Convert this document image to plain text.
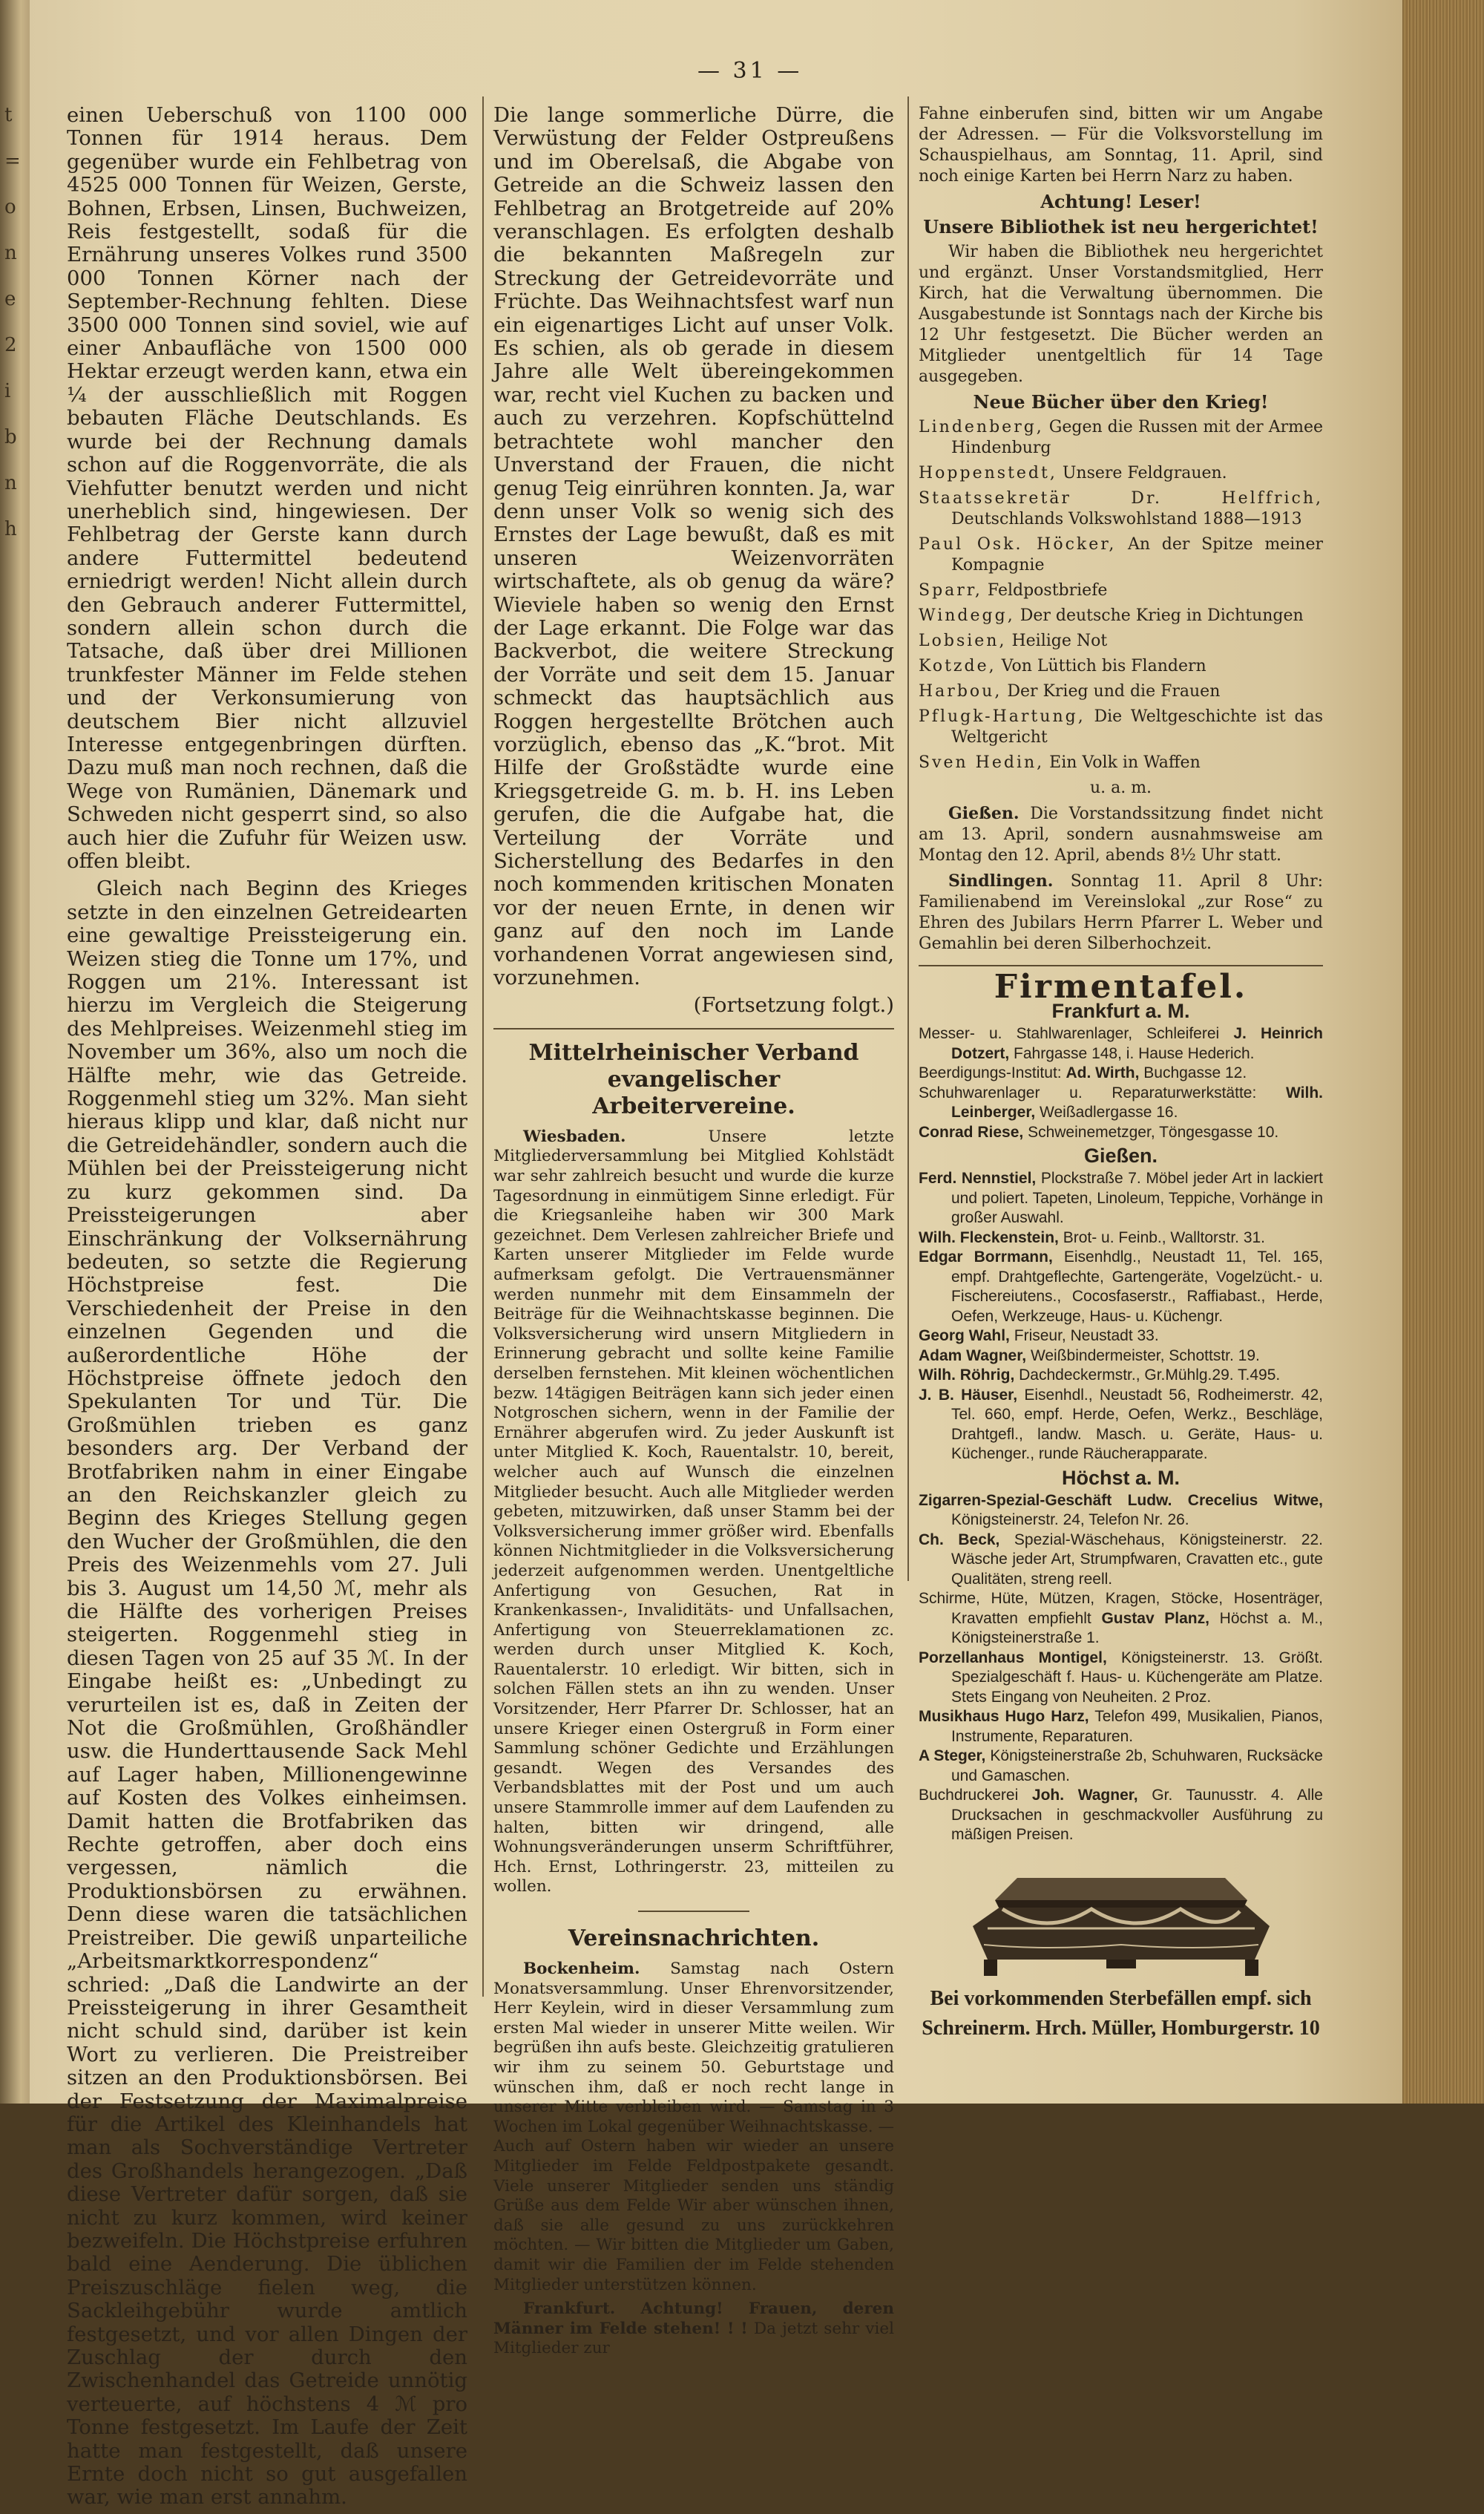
t
=
o
n
e
2
i
b
n
h
— 31 —

einen Ueberschuß von 1100 000 Tonnen für 1914 heraus. Dem gegenüber wurde ein Fehlbetrag von 4525 000 Tonnen für Weizen, Gerste, Bohnen, Erbsen, Linsen, Buchweizen, Reis festgestellt, sodaß für die Ernährung unseres Volkes rund 3500 000 Tonnen Körner nach der September-Rechnung fehlten. Diese 3500 000 Tonnen sind soviel, wie auf einer Anbaufläche von 1500 000 Hektar erzeugt werden kann, etwa ein ¼ der ausschließlich mit Roggen bebauten Fläche Deutschlands. Es wurde bei der Rechnung damals schon auf die Roggenvorräte, die als Viehfutter benutzt werden und nicht unerheblich sind, hingewiesen. Der Fehlbetrag der Gerste kann durch andere Futtermittel bedeutend erniedrigt werden! Nicht allein durch den Gebrauch anderer Futtermittel, sondern allein schon durch die Tatsache, daß über drei Millionen trunkfester Männer im Felde stehen und der Verkonsumierung von deutschem Bier nicht allzuviel Interesse entgegenbringen dürften. Dazu muß man noch rechnen, daß die Wege von Rumänien, Dänemark und Schweden nicht gesperrt sind, so also auch hier die Zufuhr für Weizen usw. offen bleibt.

Gleich nach Beginn des Krieges setzte in den einzelnen Getreidearten eine gewaltige Preissteigerung ein. Weizen stieg die Tonne um 17%, und Roggen um 21%. Interessant ist hierzu im Vergleich die Steigerung des Mehlpreises. Weizenmehl stieg im November um 36%, also um noch die Hälfte mehr, wie das Getreide. Roggenmehl stieg um 32%. Man sieht hieraus klipp und klar, daß nicht nur die Getreidehändler, sondern auch die Mühlen bei der Preissteigerung nicht zu kurz gekommen sind. Da Preissteigerungen aber Einschränkung der Volksernährung bedeuten, so setzte die Regierung Höchstpreise fest. Die Verschiedenheit der Preise in den einzelnen Gegenden und die außerordentliche Höhe der Höchstpreise öffnete jedoch den Spekulanten Tor und Tür. Die Großmühlen trieben es ganz besonders arg. Der Verband der Brotfabriken nahm in einer Eingabe an den Reichskanzler gleich zu Beginn des Krieges Stellung gegen den Wucher der Großmühlen, die den Preis des Weizenmehls vom 27. Juli bis 3. August um 14,50 ℳ, mehr als die Hälfte des vorherigen Preises steigerten. Roggenmehl stieg in diesen Tagen von 25 auf 35 ℳ. In der Eingabe heißt es: „Unbedingt zu verurteilen ist es, daß in Zeiten der Not die Großmühlen, Großhändler usw. die Hunderttausende Sack Mehl auf Lager haben, Millionengewinne auf Kosten des Volkes einheimsen. Damit hatten die Brotfabriken das Rechte getroffen, aber doch eins vergessen, nämlich die Produktionsbörsen zu erwähnen. Denn diese waren die tatsächlichen Preistreiber. Die gewiß unparteiliche „Arbeitsmarktkorrespondenz“ schried: „Daß die Landwirte an der Preissteigerung in ihrer Gesamtheit nicht schuld sind, darüber ist kein Wort zu verlieren. Die Preistreiber sitzen an den Produktionsbörsen. Bei der Festsetzung der Maximalpreise für die Artikel des Kleinhandels hat man als Sochverständige Vertreter des Großhandels herangezogen. „Daß diese Vertreter dafür sorgen, daß sie nicht zu kurz kommen, wird keiner bezweifeln. Die Höchstpreise erfuhren bald eine Aenderung. Die üblichen Preiszuschläge fielen weg, die Sackleihgebühr wurde amtlich festgesetzt, und vor allen Dingen der Zuschlag der durch den Zwischenhandel das Getreide unnötig verteuerte, auf höchstens 4 ℳ pro Tonne festgesetzt. Im Laufe der Zeit hatte man festgestellt, daß unsere Ernte doch nicht so gut ausgefallen war, wie man erst annahm.

Die lange sommerliche Dürre, die Verwüstung der Felder Ostpreußens und im Oberelsaß, die Abgabe von Getreide an die Schweiz lassen den Fehlbetrag an Brotgetreide auf 20% veranschlagen. Es erfolgten deshalb die bekannten Maßregeln zur Streckung der Getreidevorräte und Früchte. Das Weihnachtsfest warf nun ein eigenartiges Licht auf unser Volk. Es schien, als ob gerade in diesem Jahre alle Welt übereingekommen war, recht viel Kuchen zu backen und auch zu verzehren. Kopfschüttelnd betrachtete wohl mancher den Unverstand der Frauen, die nicht genug Teig einrühren konnten. Ja, war denn unser Volk so wenig sich des Ernstes der Lage bewußt, daß es mit unseren Weizenvorräten wirtschaftete, als ob genug da wäre? Wieviele haben so wenig den Ernst der Lage erkannt. Die Folge war das Backverbot, die weitere Streckung der Vorräte und seit dem 15. Januar schmeckt das hauptsächlich aus Roggen hergestellte Brötchen auch vorzüglich, ebenso das „K.“brot. Mit Hilfe der Großstädte wurde eine Kriegsgetreide G. m. b. H. ins Leben gerufen, die die Aufgabe hat, die Verteilung der Vorräte und Sicherstellung des Bedarfes in den noch kommenden kritischen Monaten vor der neuen Ernte, in denen wir ganz auf den noch im Lande vorhandenen Vorrat angewiesen sind, vorzunehmen.

(Fortsetzung folgt.)

Mittelrheinischer Verband evangelischer
Arbeitervereine.

Wiesbaden.	Unsere letzte Mitgliederversammlung bei Mitglied Kohlstädt war sehr zahlreich besucht und wurde die kurze Tagesordnung in einmütigem Sinne erledigt. Für die Kriegsanleihe haben wir 300 Mark gezeichnet. Dem Verlesen zahlreicher Briefe und Karten unserer Mitglieder im Felde wurde aufmerksam gefolgt. Die Vertrauensmänner werden nunmehr mit dem Einsammeln der Beiträge für die Weihnachtskasse beginnen. Die Volksversicherung wird unsern Mitgliedern in Erinnerung gebracht und sollte keine Familie derselben fernstehen. Mit kleinen wöchentlichen bezw. 14tägigen Beiträgen kann sich jeder einen Notgroschen sichern, wenn in der Familie der Ernährer abgerufen wird. Zu jeder Auskunft ist unter Mitglied K. Koch, Rauentalstr. 10, bereit, welcher auch auf Wunsch die einzelnen Mitglieder besucht. Auch alle Mitglieder werden gebeten, mitzuwirken, daß unser Stamm bei der Volksversicherung immer größer wird. Ebenfalls können Nichtmitglieder in die Volksversicherung jederzeit aufgenommen werden. Unentgeltliche Anfertigung von Gesuchen, Rat in Krankenkassen-, Invaliditäts- und Unfallsachen, Anfertigung von Steuerreklamationen zc. werden durch unser Mitglied K. Koch, Rauentalerstr. 10 erledigt. Wir bitten, sich in solchen Fällen stets an ihn zu wenden. Unser Vorsitzender, Herr Pfarrer Dr. Schlosser, hat an unsere Krieger einen Ostergruß in Form einer Sammlung schöner Gedichte und Erzählungen gesandt. Wegen des Versandes des Verbandsblattes mit der Post und um auch unsere Stammrolle immer auf dem Laufenden zu halten, bitten wir dringend, alle Wohnungsveränderungen unserm Schriftführer, Hch. Ernst, Lothringerstr. 23, mitteilen zu wollen.

Vereinsnachrichten.

Bockenheim. Samstag nach Ostern Monatsversammlung. Unser Ehrenvorsitzender, Herr Keylein, wird in dieser Versammlung zum ersten Mal wieder in unserer Mitte weilen. Wir begrüßen ihn aufs beste. Gleichzeitig gratulieren wir ihm zu seinem 50. Geburtstage und wünschen ihm, daß er noch recht lange in unserer Mitte verbleiben wird. — Samstag in 3 Wochen im Lokal gegenüber Weihnachtskasse. — Auch auf Ostern haben wir wieder an unsere Mitglieder im Felde Feldpostpakete gesandt. Viele unserer Mitglieder senden uns ständig Grüße aus dem Felde Wir aber wünschen ihnen, daß sie alle gesund zu uns zurückkehren möchten. — Wir bitten die Mitglieder um Gaben, damit wir die Familien der im Felde stehenden Mitglieder unterstützen können.

Frankfurt. Achtung! Frauen, deren Männer im Felde stehen! ! ! Da jetzt sehr viel Mitglieder zur

Fahne einberufen sind, bitten wir um Angabe der Adressen. — Für die Volksvorstellung im Schauspielhaus, am Sonntag, 11. April, sind noch einige Karten bei Herrn Narz zu haben.

Achtung! Leser!

Unsere Bibliothek ist neu hergerichtet!

Wir haben die Bibliothek neu hergerichtet und ergänzt. Unser Vorstandsmitglied, Herr Kirch, hat die Verwaltung übernommen. Die Ausgabestunde ist Sonntags nach der Kirche bis 12 Uhr festgesetzt. Die Bücher werden an Mitglieder unentgeltlich für 14 Tage ausgegeben.

Neue Bücher über den Krieg!

Lindenberg, Gegen die Russen mit der Armee Hindenburg

Hoppenstedt, Unsere Feldgrauen.

Staatssekretär Dr. Helffrich, Deutschlands Volkswohlstand 1888—1913

Paul Osk. Höcker, An der Spitze meiner Kompagnie

Sparr, Feldpostbriefe

Windegg, Der deutsche Krieg in Dichtungen

Lobsien, Heilige Not

Kotzde, Von Lüttich bis Flandern

Harbou, Der Krieg und die Frauen

Pflugk-Hartung, Die Weltgeschichte ist das Weltgericht

Sven Hedin, Ein Volk in Waffen

u. a. m.

Gießen. Die Vorstandssitzung findet nicht am 13. April, sondern ausnahmsweise am Montag den 12. April, abends 8½ Uhr statt.

Sindlingen. Sonntag 11. April 8 Uhr: Familienabend im Vereinslokal „zur Rose“ zu Ehren des Jubilars Herrn Pfarrer L. Weber und Gemahlin bei deren Silberhochzeit.

Firmentafel.
Frankfurt a. M.

Messer- u. Stahlwarenlager, Schleiferei J. Heinrich Dotzert, Fahrgasse 148, i. Hause Hederich.

Beerdigungs-Institut: Ad. Wirth, Buchgasse 12.

Schuhwarenlager u. Reparaturwerkstätte: Wilh. Leinberger, Weißadlergasse 16.

Conrad Riese, Schweinemetzger, Töngesgasse 10.

Gießen.

Ferd. Nennstiel, Plockstraße 7. Möbel jeder Art in lackiert und poliert. Tapeten, Linoleum, Teppiche, Vorhänge in großer Auswahl.

Wilh. Fleckenstein, Brot- u. Feinb., Walltorstr. 31.

Edgar Borrmann, Eisenhdlg., Neustadt 11, Tel. 165, empf. Drahtgeflechte, Gartengeräte, Vogelzücht.- u. Fischereiutens., Cocosfaserstr., Raffiabast., Herde, Oefen, Werkzeuge, Haus- u. Küchengr.

Georg Wahl, Friseur, Neustadt 33.

Adam Wagner, Weißbindermeister, Schottstr. 19.

Wilh. Röhrig, Dachdeckermstr., Gr.Mühlg.29. T.495.

J. B. Häuser, Eisenhdl., Neustadt 56, Rodheimerstr. 42, Tel. 660, empf. Herde, Oefen, Werkz., Beschläge, Drahtgefl., landw. Masch. u. Geräte, Haus- u. Küchenger., runde Räucherapparate.

Höchst a. M.

Zigarren-Spezial-Geschäft Ludw. Crecelius Witwe, Königsteinerstr. 24, Telefon Nr. 26.

Ch. Beck, Spezial-Wäschehaus, Königsteinerstr. 22. Wäsche jeder Art, Strumpfwaren, Cravatten etc., gute Qualitäten, streng reell.

Schirme, Hüte, Mützen, Kragen, Stöcke, Hosenträger, Kravatten empfiehlt Gustav Planz, Höchst a. M., Königsteinerstraße 1.

Porzellanhaus Montigel, Königsteinerstr. 13. Größt. Spezialgeschäft f. Haus- u. Küchengeräte am Platze. Stets Eingang von Neuheiten. 2 Proz.

Musikhaus Hugo Harz, Telefon 499, Musikalien, Pianos, Instrumente, Reparaturen.

A Steger, Königsteinerstraße 2b, Schuhwaren, Rucksäcke und Gamaschen.

Buchdruckerei Joh. Wagner, Gr. Taunusstr. 4. Alle Drucksachen in geschmackvoller Ausführung zu mäßigen Preisen.

Bei vorkommenden Sterbefällen empf. sich

Schreinerm. Hrch. Müller, Homburgerstr. 10
